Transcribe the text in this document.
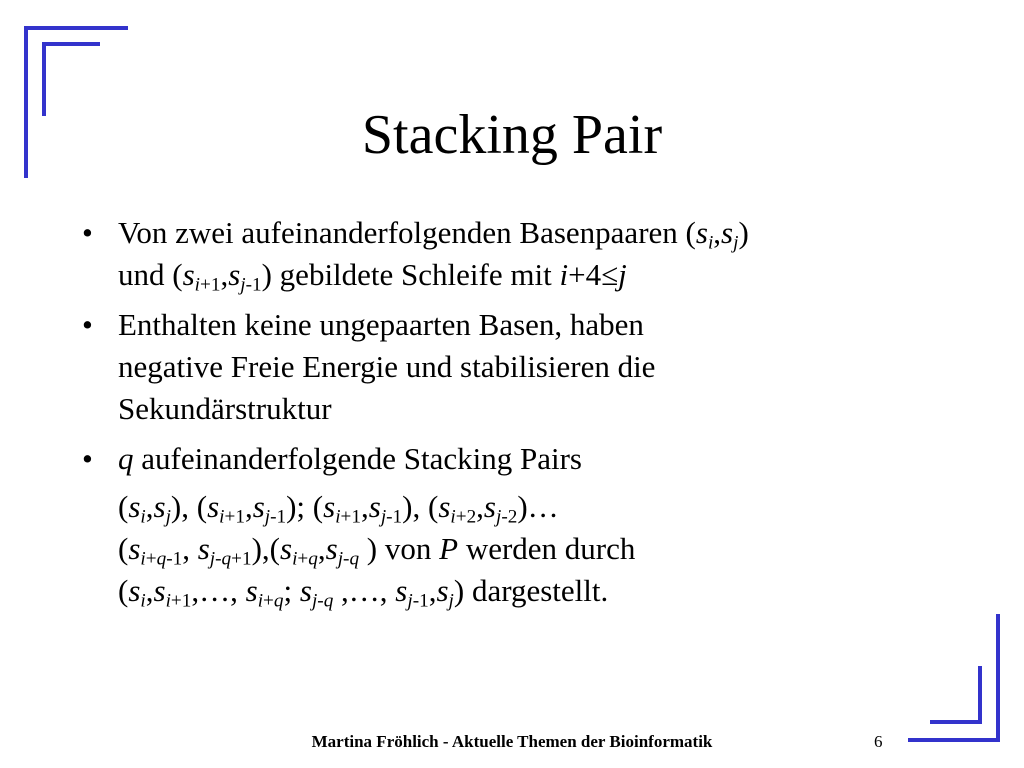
Stacking Pair
• Von zwei aufeinanderfolgenden Basenpaaren $(s_i,s_j)$
und $(s_{i+1},s_{j-1})$ gebildete Schleife mit i+4≤j
• Enthalten keine ungepaarten Basen, haben
negative Freie Energie und stabilisieren die
Sekundärstruktur
• q aufeinanderfolgende Stacking Pairs
$(s_i,s_j)$, $(s_{i+1},s_{j-1})$; $(s_{i+1},s_{j-1})$, $(s_{i+2},s_{j-2})\dots$
($s_{i+q-1}$, $s_{j-q+1}),(s_{i+q},s_{j-q}$ ) von P werden durch
($s_i,s_{i+1},\dots$, $s_{i+q}$; $s_{j-q}$ ,…, $s_{j-1},s_j$) dargestellt.
Martina Fröhlich - Aktuelle Themen der Bioinformatik	6
